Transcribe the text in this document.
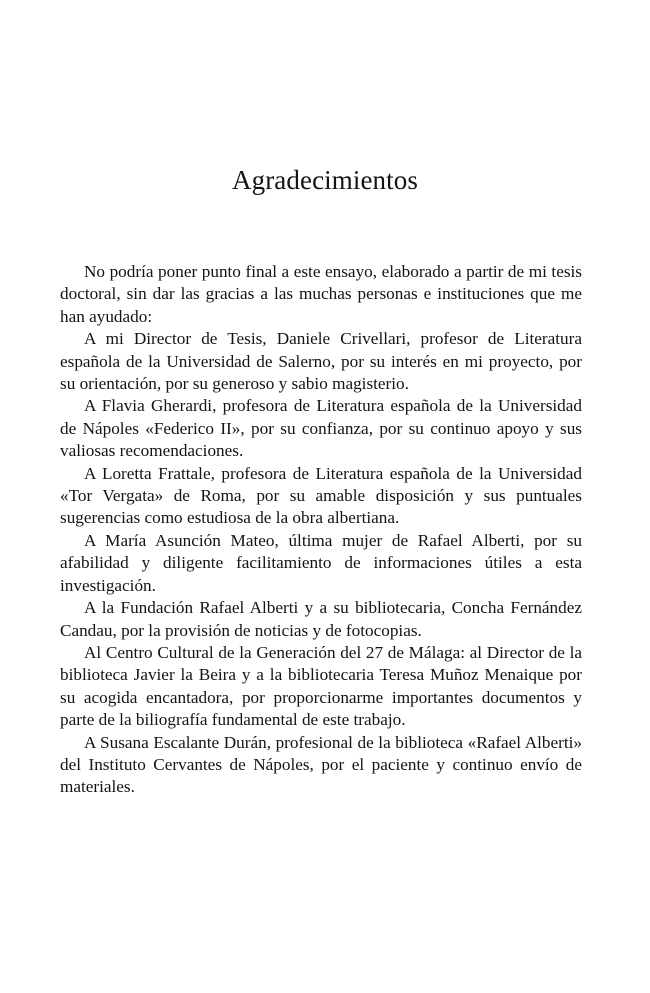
Agradecimientos

No podría poner punto final a este ensayo, elaborado a partir de mi tesis doctoral, sin dar las gracias a las muchas personas e instituciones que me han ayudado:

A mi Director de Tesis, Daniele Crivellari, profesor de Literatura española de la Universidad de Salerno, por su interés en mi proyecto, por su orientación, por su generoso y sabio magisterio.

A Flavia Gherardi, profesora de Literatura española de la Universidad de Nápoles «Federico II», por su confianza, por su continuo apoyo y sus valiosas recomendaciones.

A Loretta Frattale, profesora de Literatura española de la Universidad «Tor Vergata» de Roma, por su amable disposición y sus puntuales sugerencias como estudiosa de la obra albertiana.

A María Asunción Mateo, última mujer de Rafael Alberti, por su afabilidad y diligente facilitamiento de informaciones útiles a esta investigación.

A la Fundación Rafael Alberti y a su bibliotecaria, Concha Fernández Candau, por la provisión de noticias y de fotocopias.

Al Centro Cultural de la Generación del 27 de Málaga: al Director de la biblioteca Javier la Beira y a la bibliotecaria Teresa Muñoz Menaique por su acogida encantadora, por proporcionarme importantes documentos y parte de la biliografía fundamental de este trabajo.

A Susana Escalante Durán, profesional de la biblioteca «Rafael Alberti» del Instituto Cervantes de Nápoles, por el paciente y continuo envío de materiales.
